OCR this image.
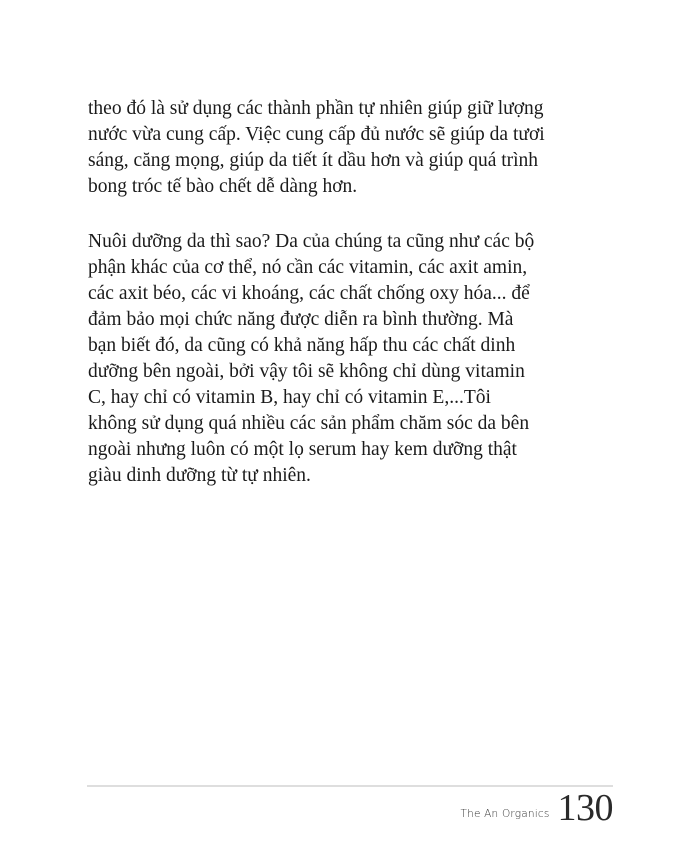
theo đó là sử dụng các thành phần tự nhiên giúp giữ lượng
nước vừa cung cấp. Việc cung cấp đủ nước sẽ giúp da tươi
sáng, căng mọng, giúp da tiết ít dầu hơn và giúp quá trình
bong tróc tế bào chết dễ dàng hơn.

Nuôi dưỡng da thì sao? Da của chúng ta cũng như các bộ
phận khác của cơ thể, nó cần các vitamin, các axit amin,
các axit béo, các vi khoáng, các chất chống oxy hóa... để
đảm bảo mọi chức năng được diễn ra bình thường. Mà
bạn biết đó, da cũng có khả năng hấp thu các chất dinh
dưỡng bên ngoài, bởi vậy tôi sẽ không chỉ dùng vitamin
C, hay chỉ có vitamin B, hay chỉ có vitamin E,...Tôi
không sử dụng quá nhiều các sản phẩm chăm sóc da bên
ngoài nhưng luôn có một lọ serum hay kem dưỡng thật
giàu dinh dưỡng từ tự nhiên.

The An Organics 130
